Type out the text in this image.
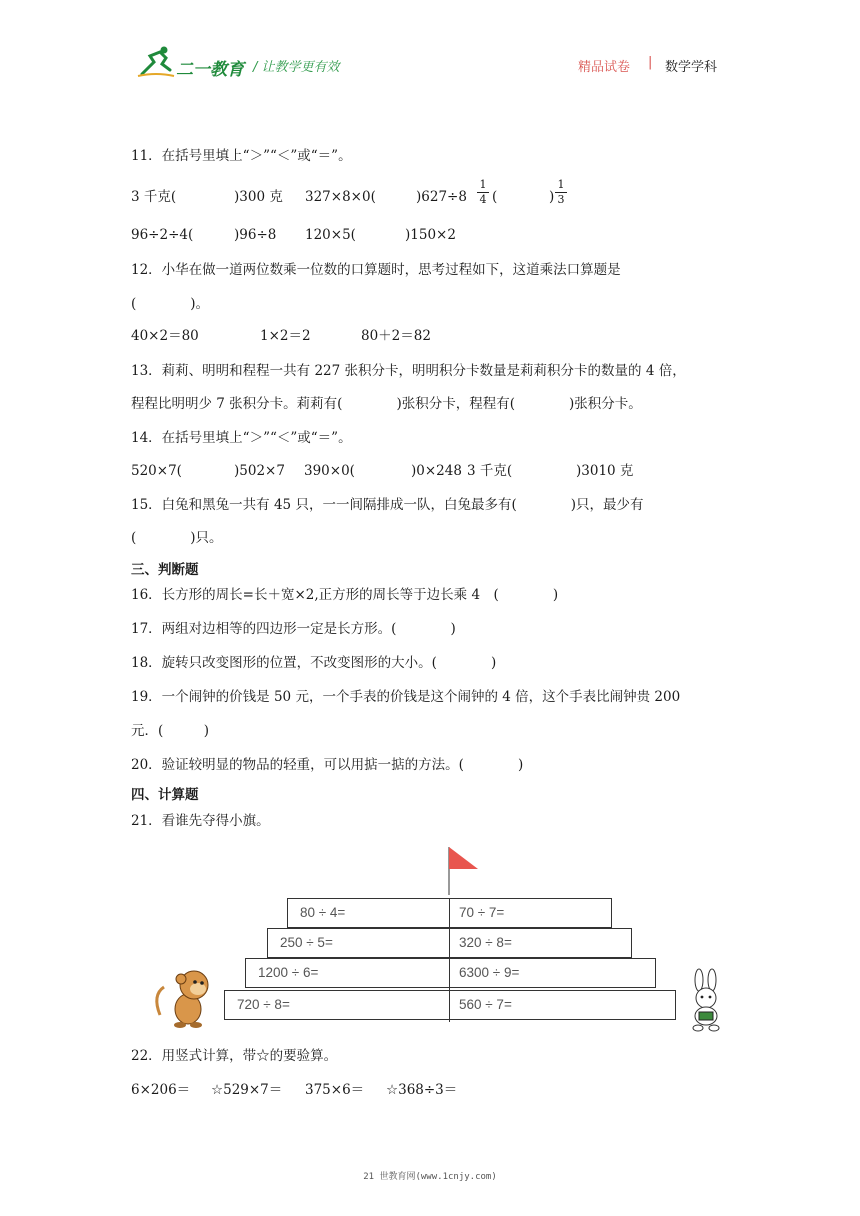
二一教育 / 让教学更有效	精品试卷 | 数学学科
11．在括号里填上“＞”“＜”或“＝”。
3 千克(	)300 克 327×8×0(	)627÷8
1
4 (	)
1
3
96÷2÷4(	)96÷8 120×5(	)150×2
12．小华在做一道两位数乘一位数的口算题时，思考过程如下，这道乘法口算题是
(　　　　)。
40×2＝80	1×2＝2	80＋2＝82
13．莉莉、明明和程程一共有 227 张积分卡，明明积分卡数量是莉莉积分卡的数量的 4 倍，
程程比明明少 7 张积分卡。莉莉有(　　　　)张积分卡，程程有(　　　　)张积分卡。
14．在括号里填上“＞”“＜”或“＝”。
520×7(	)502×7 390×0(	)0×248 3 千克(	)3010 克
15．白兔和黑兔一共有 45 只，一一间隔排成一队，白兔最多有(　　　　)只，最少有
(　　　　)只。
三、判断题
16．长方形的周长=长＋宽×2,正方形的周长等于边长乘 4　(　　　　)
17．两组对边相等的四边形一定是长方形。(　　　　)
18．旋转只改变图形的位置，不改变图形的大小。(　　　　)
19．一个闹钟的价钱是 50 元，一个手表的价钱是这个闹钟的 4 倍，这个手表比闹钟贵 200
元．(　　　)
20．验证较明显的物品的轻重，可以用掂一掂的方法。(　　　　)
四、计算题
21．看谁先夺得小旗。
80 ÷ 4=	70 ÷ 7=
250 ÷ 5=	320 ÷ 8=
1200 ÷ 6=	6300 ÷ 9=
720 ÷ 8=	560 ÷ 7=
22．用竖式计算，带☆的要验算。
6×206＝ ☆529×7＝ 375×6＝ ☆368÷3＝
21 世教育网(www.1cnjy.com)
